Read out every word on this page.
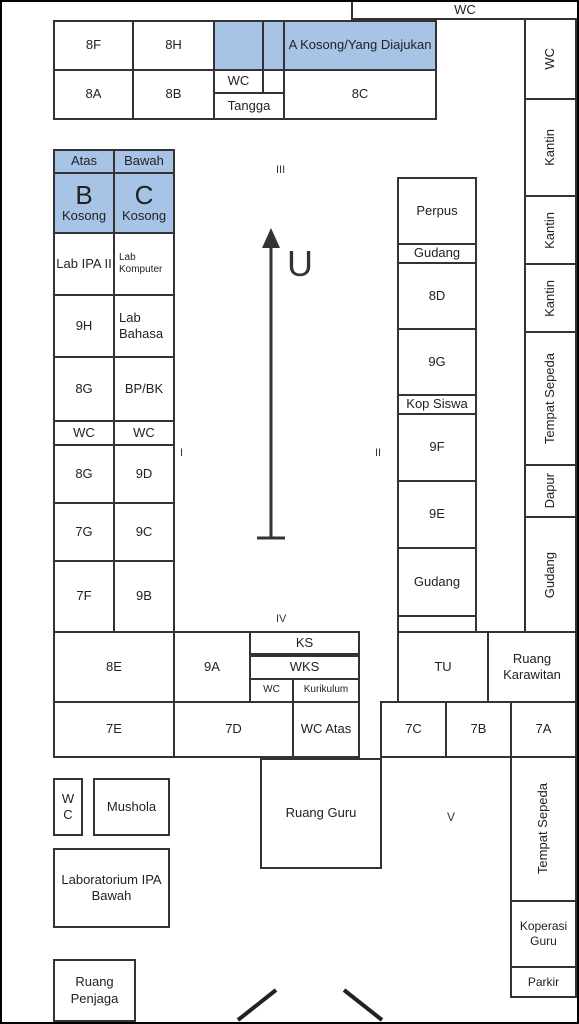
WC
8F	8H	A Kosong/Yang Diajukan
8A	8B
WC
Tangga
8C
Atas	Bawah
B
Kosong
C
Kosong
Lab IPA II Lab Komputer
9H
Lab Bahasa
8G	BP/BK
WC	WC
8G	9D
7G	9C
7F	9B
Perpus
Gudang
8D
9G
Kop Siswa
9F
9E
Gudang
WC
Kantin
Kantin
Kantin
Tempat Sepeda
Dapur
Gudang
8E	9A
KS
WKS
WC	Kurikulum
TU
Ruang Karawitan
7E	7D	WC Atas	7C	7B	7A
W C
Mushola	Ruang Guru	Tempat Sepeda
Laboratorium IPA Bawah
Koperasi Guru
Parkir
Ruang Penjaga
III
I	II
IV
V
U
